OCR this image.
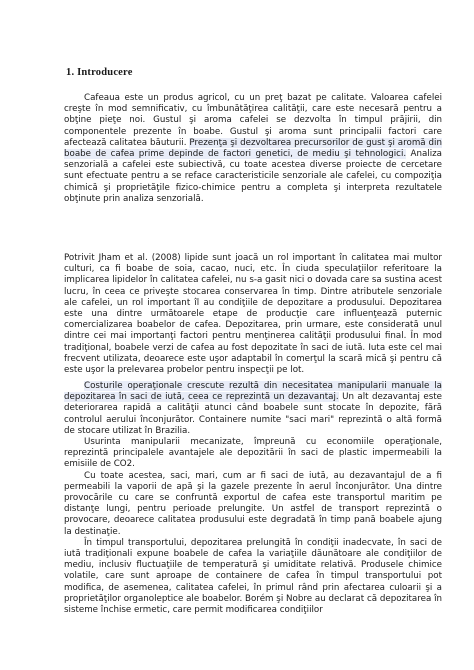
1. Introducere

Cafeaua este un produs agricol, cu un preţ bazat pe calitate. Valoarea cafelei creşte în mod semnificativ, cu îmbunătăţirea calităţii, care este necesară pentru a obţine pieţe noi. Gustul şi aroma cafelei se dezvolta în timpul prăjirii, din componentele prezente în boabe. Gustul şi aroma sunt principalii factori care afectează calitatea băuturii. Prezenţa şi dezvoltarea precursorilor de gust şi aromă din boabe de cafea prime depinde de factori genetici, de mediu şi tehnologici. Analiza senzorială a cafelei este subiectivă, cu toate acestea diverse proiecte de cercetare sunt efectuate pentru a se reface caracteristicile senzoriale ale cafelei, cu compoziţia chimică şi proprietăţile fizico-chimice pentru a completa şi interpreta rezultatele obţinute prin analiza senzorială.

Potrivit Jham et al. (2008) lipide sunt joacă un rol important în calitatea mai multor culturi, ca fi boabe de soia, cacao, nuci, etc. În ciuda speculaţiilor referitoare la implicarea lipidelor în calitatea cafelei, nu s-a gasit nici o dovada care sa sustina acest lucru, în ceea ce priveşte stocarea conservarea în timp. Dintre atributele senzoriale ale cafelei, un rol important îl au condiţiile de depozitare a produsului. Depozitarea este una dintre următoarele etape de producţie care influenţează puternic comercializarea boabelor de cafea. Depozitarea, prin urmare, este considerată unul dintre cei mai importanţi factori pentru menţinerea calităţii produsului final. În mod tradiţional, boabele verzi de cafea au fost depozitate în saci de iută. Iuta este cel mai frecvent utilizata, deoarece este uşor adaptabil în comerţul la scară mică şi pentru că este uşor la prelevarea probelor pentru inspecţii pe lot.

Costurile operaţionale crescute rezultă din necesitatea manipularii manuale la depozitarea în saci de iută, ceea ce reprezintă un dezavantaj. Un alt dezavantaj este deteriorarea rapidă a calităţii atunci când boabele sunt stocate în depozite, fără controlul aerului înconjurător. Containere numite "saci mari" reprezintă o altă formă de stocare utilizat în Brazilia.

Usurinta manipularii mecanizate, împreună cu economiile operaţionale, reprezintă principalele avantajele ale depozitării în saci de plastic impermeabili la emisiile de CO2.

Cu toate acestea, saci, mari, cum ar fi saci de iută, au dezavantajul de a fi permeabili la vaporii de apă şi la gazele prezente în aerul înconjurător. Una dintre provocările cu care se confruntă exportul de cafea este transportul maritim pe distanţe lungi, pentru perioade prelungite. Un astfel de transport reprezintă o provocare, deoarece calitatea produsului este degradată în timp pană boabele ajung la destinaţie.

În timpul transportului, depozitarea prelungită în condiţii inadecvate, în saci de iută tradiţionali expune boabele de cafea la variaţiile dăunătoare ale condiţiilor de mediu, inclusiv fluctuaţiile de temperatură şi umiditate relativă. Produsele chimice volatile, care sunt aproape de containere de cafea în timpul transportului pot modifica, de asemenea, calitatea cafelei, în primul rând prin afectarea culoarii şi a proprietăţilor organoleptice ale boabelor. Borém şi Nobre au declarat că depozitarea în sisteme închise ermetic, care permit modificarea condiţiilor
